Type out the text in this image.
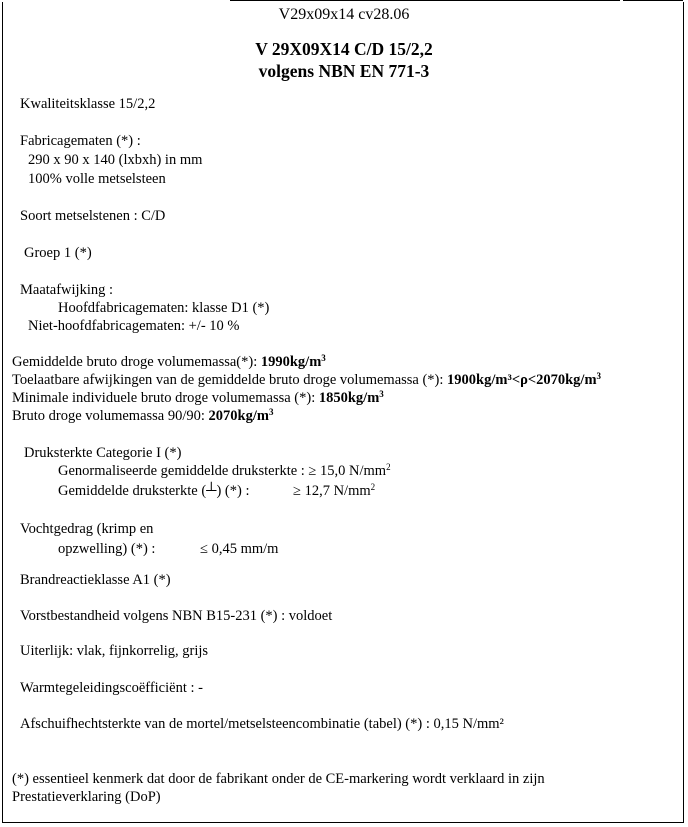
V29x09x14 cv28.06
V 29X09X14 C/D 15/2,2
volgens NBN EN 771-3
Kwaliteitsklasse 15/2,2
Fabricagematen (*) :
290 x 90 x 140 (lxbxh) in mm
100% volle metselsteen
Soort metselstenen : C/D
Groep 1 (*)
Maatafwijking :
Hoofdfabricagematen: klasse D1 (*)
Niet-hoofdfabricagematen: +/- 10 %
Gemiddelde bruto droge volumemassa(*): $1990kg/m^3$
Toelaatbare afwijkingen van de gemiddelde bruto droge volumemassa (*): $1900kg/m^3<\rho<2070kg/m^3$
Minimale individuele bruto droge volumemassa (*): $1850kg/m^3$
Bruto droge volumemassa 90/90: $2070kg/m^3$
Druksterkte Categorie I (*)
Genormaliseerde gemiddelde druksterkte : ≥ 15,0 $N/mm^2$
Gemiddelde druksterkte (┴) (*) :	≥ 12,7 $N/mm^2$
Vochtgedrag (krimp en
opzwelling) (*) :	≤ 0,45 mm/m
Brandreactieklasse A1 (*)
Vorstbestandheid volgens NBN B15-231 (*) : voldoet
Uiterlijk: vlak, fijnkorrelig, grijs
Warmtegeleidingscoëfficiënt : -
Afschuifhechtsterkte van de mortel/metselsteencombinatie (tabel) (*) : 0,15 N/mm²
(*) essentieel kenmerk dat door de fabrikant onder de CE-markering wordt verklaard in zijn Prestatieverklaring (DoP)
